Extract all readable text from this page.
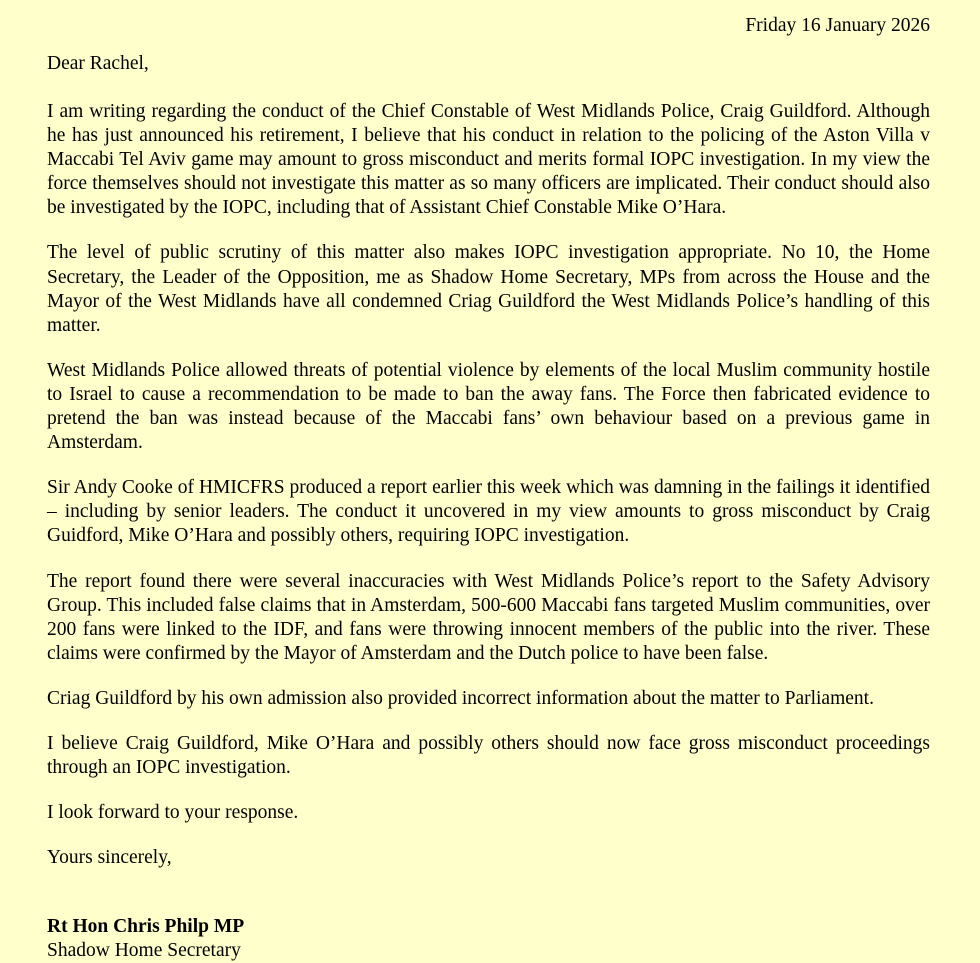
Friday 16 January 2026
Dear Rachel,

I am writing regarding the conduct of the Chief Constable of West Midlands Police, Craig Guildford. Although he has just announced his retirement, I believe that his conduct in relation to the policing of the Aston Villa v Maccabi Tel Aviv game may amount to gross misconduct and merits formal IOPC investigation. In my view the force themselves should not investigate this matter as so many officers are implicated. Their conduct should also be investigated by the IOPC, including that of Assistant Chief Constable Mike O’Hara.

The level of public scrutiny of this matter also makes IOPC investigation appropriate. No 10, the Home Secretary, the Leader of the Opposition, me as Shadow Home Secretary, MPs from across the House and the Mayor of the West Midlands have all condemned Criag Guildford the West Midlands Police’s handling of this matter.

West Midlands Police allowed threats of potential violence by elements of the local Muslim community hostile to Israel to cause a recommendation to be made to ban the away fans. The Force then fabricated evidence to pretend the ban was instead because of the Maccabi fans’ own behaviour based on a previous game in Amsterdam.

Sir Andy Cooke of HMICFRS produced a report earlier this week which was damning in the failings it identified – including by senior leaders. The conduct it uncovered in my view amounts to gross misconduct by Craig Guidford, Mike O’Hara and possibly others, requiring IOPC investigation.

The report found there were several inaccuracies with West Midlands Police’s report to the Safety Advisory Group. This included false claims that in Amsterdam, 500-600 Maccabi fans targeted Muslim communities, over 200 fans were linked to the IDF, and fans were throwing innocent members of the public into the river. These claims were confirmed by the Mayor of Amsterdam and the Dutch police to have been false.

Criag Guildford by his own admission also provided incorrect information about the matter to Parliament.

I believe Craig Guildford, Mike O’Hara and possibly others should now face gross misconduct proceedings through an IOPC investigation.

I look forward to your response.
Yours sincerely,
Rt Hon Chris Philp MP
Shadow Home Secretary
